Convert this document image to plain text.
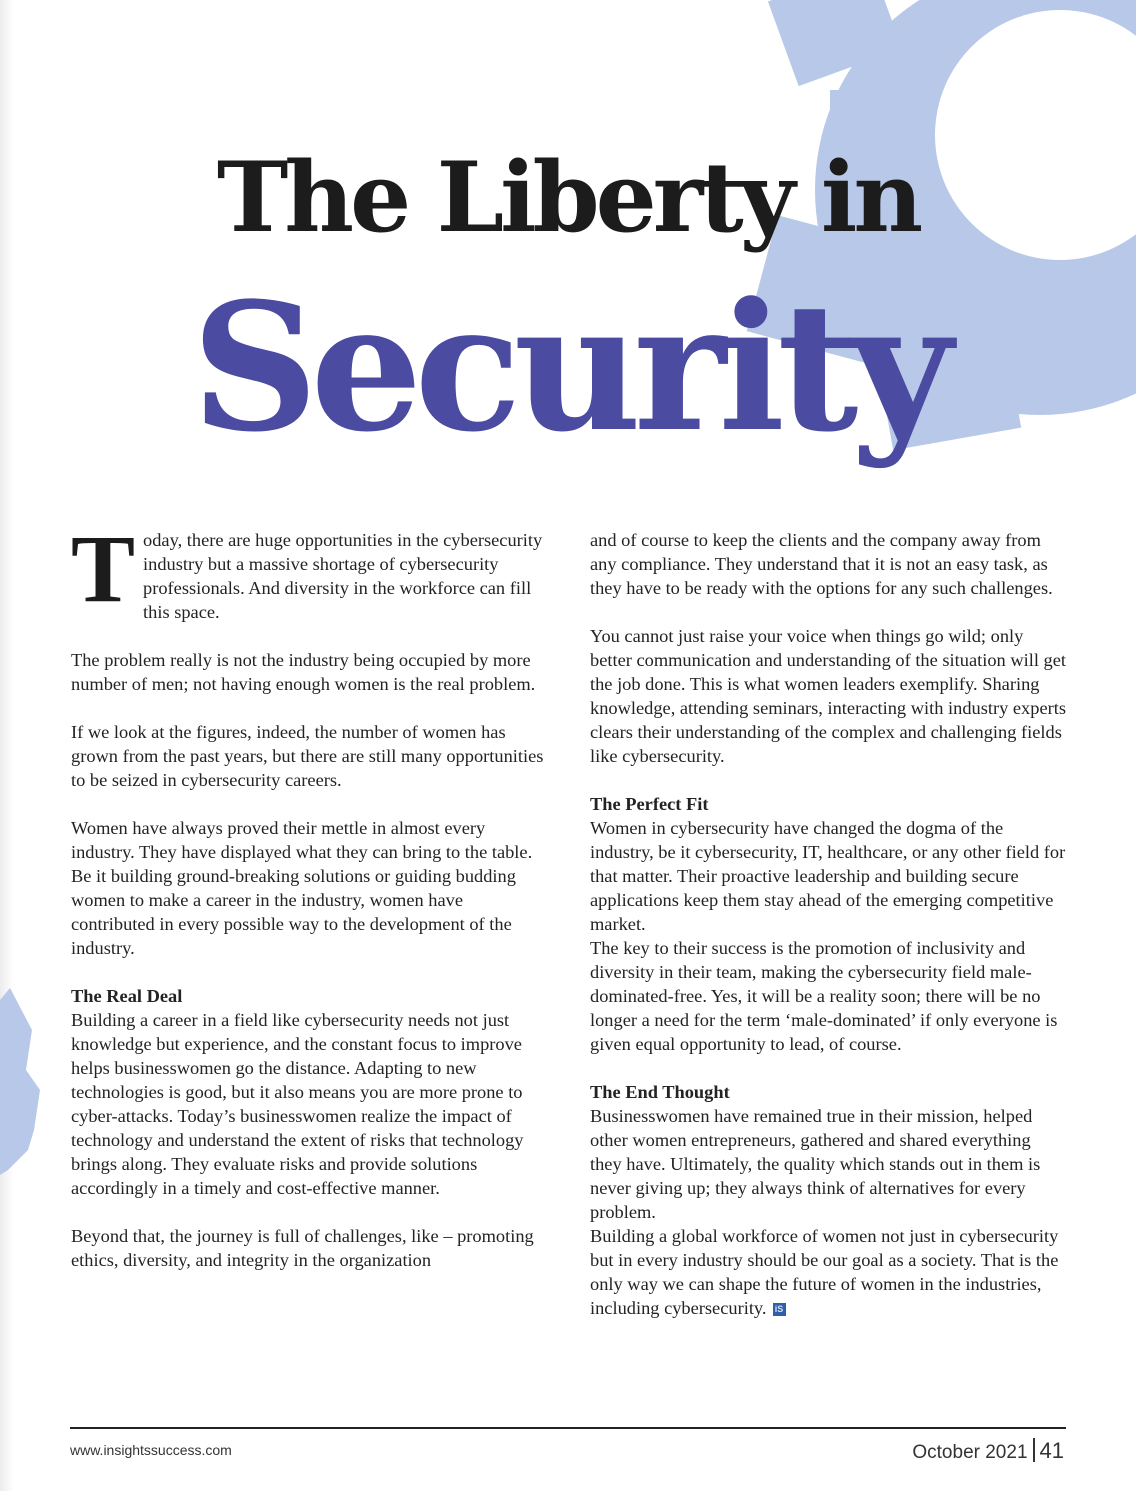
The Liberty in
Security

Today, there are huge opportunities in the cybersecurity industry but a massive shortage of cybersecurity professionals. And diversity in the workforce can fill this space.

The problem really is not the industry being occupied by more number of men; not having enough women is the real problem.

If we look at the figures, indeed, the number of women has grown from the past years, but there are still many opportunities to be seized in cybersecurity careers.

Women have always proved their mettle in almost every industry. They have displayed what they can bring to the table. Be it building ground-breaking solutions or guiding budding women to make a career in the industry, women have contributed in every possible way to the development of the industry.

The Real Deal

Building a career in a field like cybersecurity needs not just knowledge but experience, and the constant focus to improve helps businesswomen go the distance. Adapting to new technologies is good, but it also means you are more prone to cyber-attacks. Today’s businesswomen realize the impact of technology and understand the extent of risks that technology brings along. They evaluate risks and provide solutions accordingly in a timely and cost-effective manner.

Beyond that, the journey is full of challenges, like – promoting ethics, diversity, and integrity in the organization

and of course to keep the clients and the company away from any compliance. They understand that it is not an easy task, as they have to be ready with the options for any such challenges.

You cannot just raise your voice when things go wild; only better communication and understanding of the situation will get the job done. This is what women leaders exemplify. Sharing knowledge, attending seminars, interacting with industry experts clears their understanding of the complex and challenging fields like cybersecurity.

The Perfect Fit

Women in cybersecurity have changed the dogma of the industry, be it cybersecurity, IT, healthcare, or any other field for that matter. Their proactive leadership and building secure applications keep them stay ahead of the emerging competitive market.

The key to their success is the promotion of inclusivity and diversity in their team, making the cybersecurity field male-dominated-free. Yes, it will be a reality soon; there will be no longer a need for the term ‘male-dominated’ if only everyone is given equal opportunity to lead, of course.

The End Thought

Businesswomen have remained true in their mission, helped other women entrepreneurs, gathered and shared everything they have. Ultimately, the quality which stands out in them is never giving up; they always think of alternatives for every problem.

Building a global workforce of women not just in cybersecurity but in every industry should be our goal as a society. That is the only way we can shape the future of women in the industries, including cybersecurity. iS

www.insightssuccess.com	October 2021 41
